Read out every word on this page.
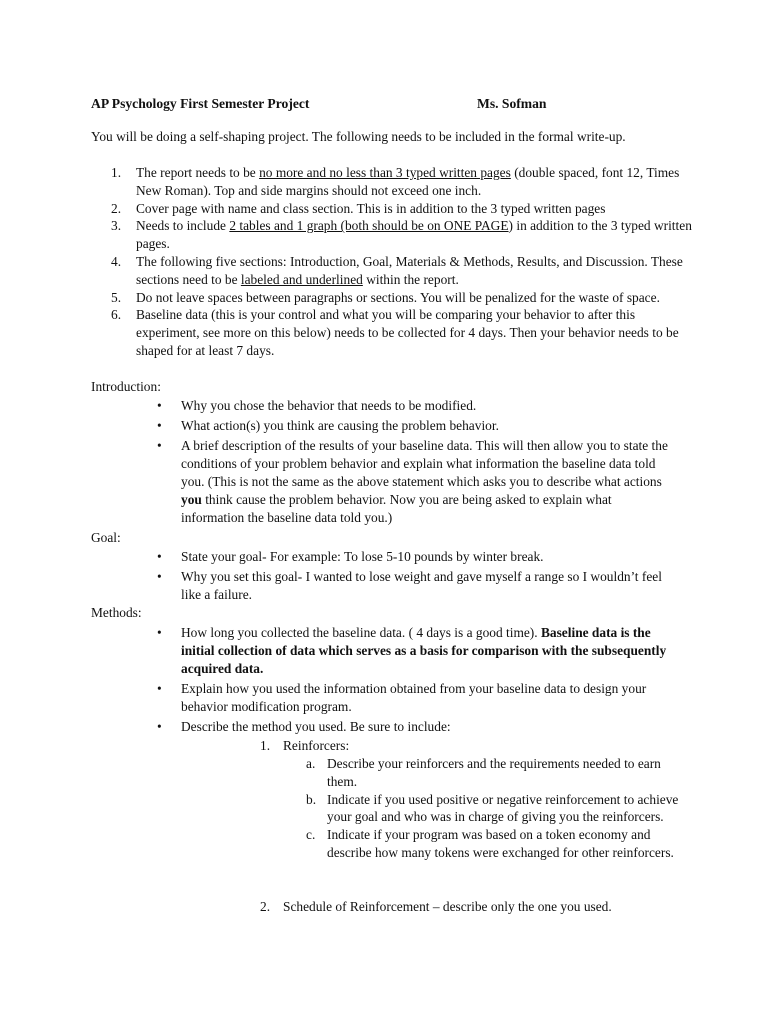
AP Psychology First Semester Project	Ms. Sofman
You will be doing a self-shaping project. The following needs to be included in the formal write-up.
1. The report needs to be no more and no less than 3 typed written pages (double spaced, font 12, Times New Roman). Top and side margins should not exceed one inch.
2. Cover page with name and class section. This is in addition to the 3 typed written pages
3. Needs to include 2 tables and 1 graph (both should be on ONE PAGE) in addition to the 3 typed written pages.
4. The following five sections: Introduction, Goal, Materials & Methods, Results, and Discussion. These sections need to be labeled and underlined within the report.
5. Do not leave spaces between paragraphs or sections. You will be penalized for the waste of space.
6. Baseline data (this is your control and what you will be comparing your behavior to after this experiment, see more on this below) needs to be collected for 4 days. Then your behavior needs to be shaped for at least 7 days.
Introduction:
• Why you chose the behavior that needs to be modified.
• What action(s) you think are causing the problem behavior.
• A brief description of the results of your baseline data. This will then allow you to state the conditions of your problem behavior and explain what information the baseline data told you. (This is not the same as the above statement which asks you to describe what actions you think cause the problem behavior. Now you are being asked to explain what information the baseline data told you.)
Goal:
• State your goal- For example: To lose 5-10 pounds by winter break.
• Why you set this goal- I wanted to lose weight and gave myself a range so I wouldn’t feel like a failure.
Methods:
• How long you collected the baseline data. ( 4 days is a good time). Baseline data is the initial collection of data which serves as a basis for comparison with the subsequently acquired data.
• Explain how you used the information obtained from your baseline data to design your behavior modification program.
• Describe the method you used. Be sure to include:
1. Reinforcers:
a. Describe your reinforcers and the requirements needed to earn them.
b. Indicate if you used positive or negative reinforcement to achieve your goal and who was in charge of giving you the reinforcers.
c. Indicate if your program was based on a token economy and describe how many tokens were exchanged for other reinforcers.
2. Schedule of Reinforcement – describe only the one you used.
